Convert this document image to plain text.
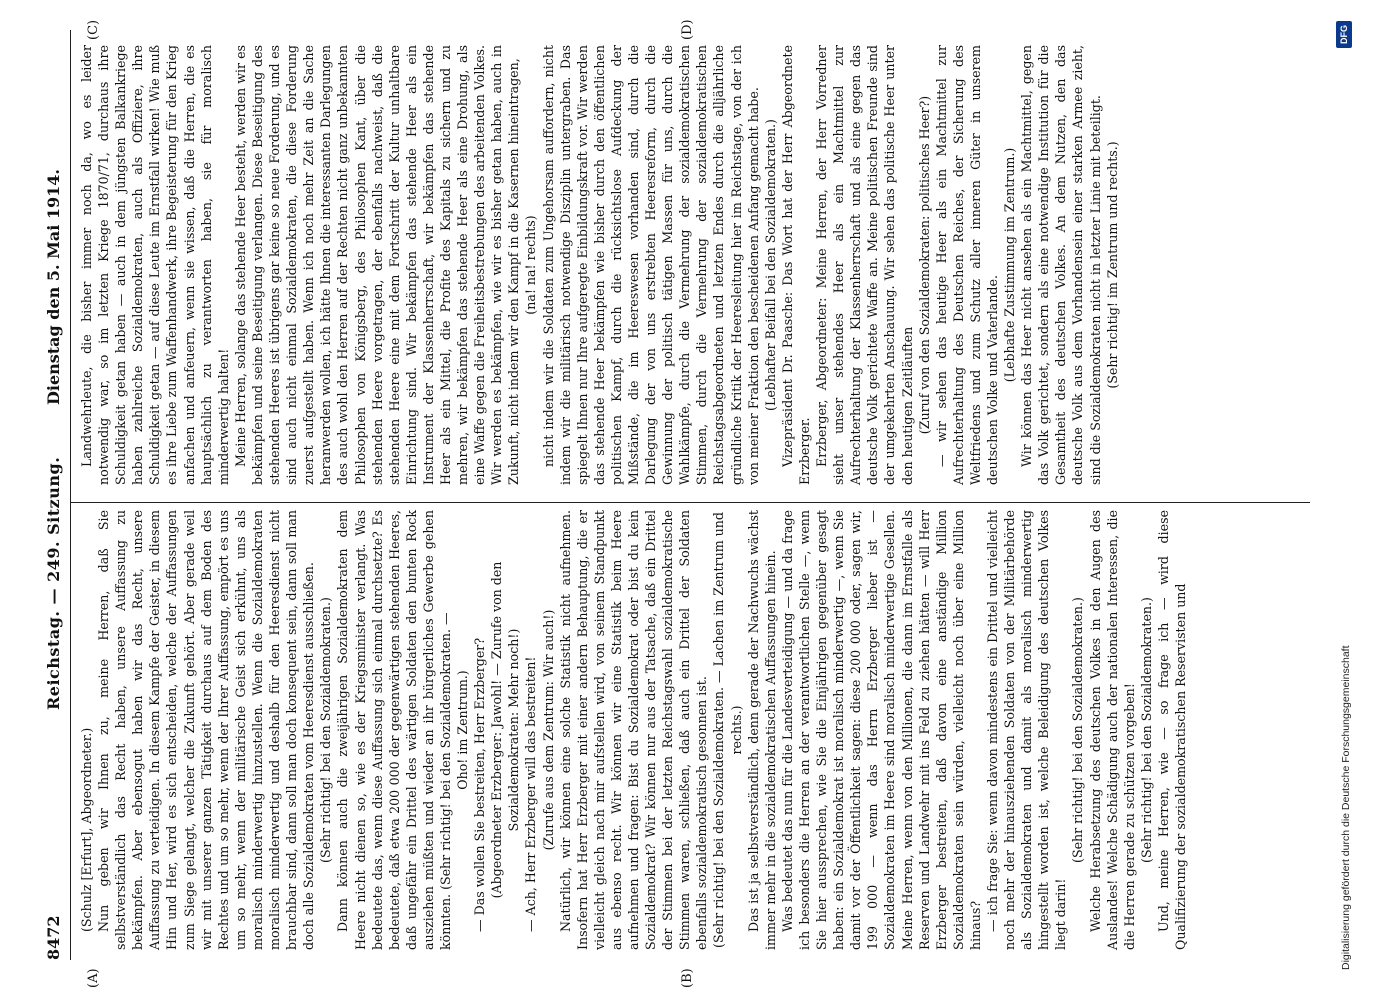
8472
Reichstag. — 249. Sitzung.
Dienstag den 5. Mai 1914.
(A)	(B)
(C)	(D)

(Schulz [Erfurt], Abgeordneter.) Nun geben wir Ihnen zu, meine Herren, daß Sie selbstverständlich das Recht haben, unsere Auffassung zu bekämpfen. Aber ebensogut haben wir das Recht, unsere Auffassung zu verteidigen. In diesem Kampfe der Geister, in diesem Hin und Her, wird es sich entscheiden, welche der Auffassungen zum Siege gelangt, welcher die Zukunft gehört. Aber gerade weil wir mit unserer ganzen Tätigkeit durchaus auf dem Boden des Rechtes und um so mehr, wenn der Ihrer Auffassung, empört es uns um so mehr, wenn der militärische Geist sich erkühnt, uns als moralisch minderwertig hinzustellen. Wenn die Sozialdemokraten moralisch minderwertig und deshalb für den Heeresdienst nicht brauchbar sind, dann soll man doch konsequent sein, dann soll man doch alle Sozialdemokraten vom Heeresdienst ausschließen. (Sehr richtig! bei den Sozialdemokraten.) Dann können auch die zweijährigen Sozialdemokraten dem Heere nicht dienen so, wie es der Kriegsminister verlangt. Was bedeutete das, wenn diese Auffassung sich einmal durchsetzte? Es bedeutete, daß etwa 200 000 der gegenwärtigen stehenden Heeres, daß ungefähr ein Drittel des wärtigen Soldaten den bunten Rock ausziehen müßten und wieder an ihr bürgerliches Gewerbe gehen könnten. (Sehr richtig! bei den Sozialdemokraten. — Oho! im Zentrum.) — Das wollen Sie bestreiten, Herr Erzberger? (Abgeordneter Erzberger: Jawohl! — Zurufe von den Sozialdemokraten: Mehr noch!) — Ach, Herr Erzberger will das bestreiten! (Zurufe aus dem Zentrum: Wir auch!) Natürlich, wir können eine solche Statistik nicht aufnehmen. Insofern hat Herr Erzberger mit einer andern Behauptung, die er vielleicht gleich nach mir aufstellen wird, von seinem Standpunkt aus ebenso recht. Wir können wir eine Statistik beim Heere aufnehmen und fragen: Bist du Sozialdemokrat oder bist du kein Sozialdemokrat? Wir können nur aus der Tatsache, daß ein Drittel der Stimmen bei der letzten Reichstagswahl sozialdemokratische Stimmen waren, schließen, daß auch ein Drittel der Soldaten ebenfalls sozialdemokratisch gesonnen ist. (Sehr richtig! bei den Sozialdemokraten. — Lachen im Zentrum und rechts.) Das ist ja selbstverständlich, denn gerade der Nachwuchs wächst immer mehr in die sozialdemokratischen Auffassungen hinein. Was bedeutet das nun für die Landesverteidigung — und da frage ich besonders die Herren an der verantwortlichen Stelle —, wenn Sie hier aussprechen, wie Sie die Einjährigen gegenüber gesagt haben: ein Sozialdemokrat ist moralisch minderwertig —, wenn Sie damit vor der Öffentlichkeit sagen: diese 200 000 oder, sagen wir, 199 000 — wenn das Herrn Erzberger lieber ist — Sozialdemokraten im Heere sind moralisch minderwertige Gesellen. Meine Herren, wenn von den Millionen, die dann im Ernstfalle als Reserven und Landwehr mit ins Feld zu ziehen hätten — will Herr Erzberger bestreiten, daß davon eine anständige Million Sozialdemokraten sein würden, vielleicht noch über eine Million hinaus? — ich frage Sie: wenn davon mindestens ein Drittel und vielleicht noch mehr der hinausziehenden Soldaten von der Militärbehörde als Sozialdemokraten und damit als moralisch minderwertig hingestellt worden ist, welche Beleidigung des deutschen Volkes liegt darin!

(Sehr richtig! bei den Sozialdemokraten.) Welche Herabsetzung des deutschen Volkes in den Augen des Auslandes! Welche Schädigung auch der nationalen Interessen, die die Herren gerade zu schützen vorgeben! (Sehr richtig! bei den Sozialdemokraten.) Und, meine Herren, wie — so frage ich — wird diese Qualifizierung der sozialdemokratischen Reservisten und

Landwehrleute, die bisher immer noch da, wo es leider notwendig war, so im letzten Kriege 1870/71, durchaus ihre Schuldigkeit getan haben — auch in dem jüngsten Balkankriege haben zahlreiche Sozialdemokraten, auch als Offiziere, ihre Schuldigkeit getan — auf diese Leute im Ernstfall wirken! Wie muß es ihre Liebe zum Waffenhandwerk, ihre Begeisterung für den Krieg anfachen und anfeuern, wenn sie wissen, daß die Herren, die es hauptsächlich zu verantworten haben, sie für moralisch minderwertig halten! Meine Herren, solange das stehende Heer besteht, werden wir es bekämpfen und seine Beseitigung verlangen. Diese Beseitigung des stehenden Heeres ist übrigens gar keine so neue Forderung, und es sind auch nicht einmal Sozialdemokraten, die diese Forderung zuerst aufgestellt haben. Wenn ich noch mehr Zeit an die Sache heranwerden wollen, ich hätte Ihnen die interessanten Darlegungen des auch wohl den Herren auf der Rechten nicht ganz unbekannten Philosophen von Königsberg, des Philosophen Kant, über die stehenden Heere vorgetragen, der ebenfalls nachweist, daß die stehenden Heere eine mit dem Fortschritt der Kultur unhaltbare Einrichtung sind. Wir bekämpfen das stehende Heer als ein Instrument der Klassenherrschaft, wir bekämpfen das stehende Heer als ein Mittel, die Profite des Kapitals zu sichern und zu mehren, wir bekämpfen das stehende Heer als eine Drohung, als eine Waffe gegen die Freiheitsbestrebungen des arbeitenden Volkes. Wir werden es bekämpfen, wie wir es bisher getan haben, auch in Zukunft, nicht indem wir den Kampf in die Kasernen hineintragen, (na! na! rechts) nicht indem wir die Soldaten zum Ungehorsam auffordern, nicht indem wir die militärisch notwendige Disziplin untergraben. Das spiegelt Ihnen nur Ihre aufgeregte Einbildungskraft vor. Wir werden das stehende Heer bekämpfen wie bisher durch den öffentlichen politischen Kampf, durch die rücksichtslose Aufdeckung der Mißstände, die im Heereswesen vorhanden sind, durch die Darlegung der von uns erstrebten Heeresreform, durch die Gewinnung der politisch tätigen Massen für uns, durch die Wahlkämpfe, durch die Vermehrung der sozialdemokratischen Stimmen, durch die Vermehrung der sozialdemokratischen Reichstagsabgeordneten und letzten Endes durch die alljährliche gründliche Kritik der Heeresleitung hier im Reichstage, von der ich von meiner Fraktion den bescheidenen Anfang gemacht habe. (Lebhafter Beifall bei den Sozialdemokraten.) Vizepräsident Dr. Paasche: Das Wort hat der Herr Abgeordnete Erzberger. Erzberger, Abgeordneter: Meine Herren, der Herr Vorredner sieht unser stehendes Heer als ein Machtmittel zur Aufrechterhaltung der Klassenherrschaft und als eine gegen das deutsche Volk gerichtete Waffe an. Meine politischen Freunde sind der umgekehrten Anschauung. Wir sehen das politische Heer unter den heutigen Zeitläuften (Zuruf von den Sozialdemokraten: politisches Heer?) — wir sehen das heutige Heer als ein Machtmittel zur Aufrechterhaltung des Deutschen Reiches, der Sicherung des Weltfriedens und zum Schutz aller inneren Güter in unserem deutschen Volke und Vaterlande. (Lebhafte Zustimmung im Zentrum.) Wir können das Heer nicht ansehen als ein Machtmittel, gegen das Volk gerichtet, sondern als eine notwendige Institution für die Gesamtheit des deutschen Volkes. An dem Nutzen, den das deutsche Volk aus dem Vorhandensein einer starken Armee zieht, sind die Sozialdemokraten nicht in letzter Linie mit beteiligt. (Sehr richtig! im Zentrum und rechts.)

Digitalisierung gefördert durch die Deutsche Forschungsgemeinschaft
DFG
